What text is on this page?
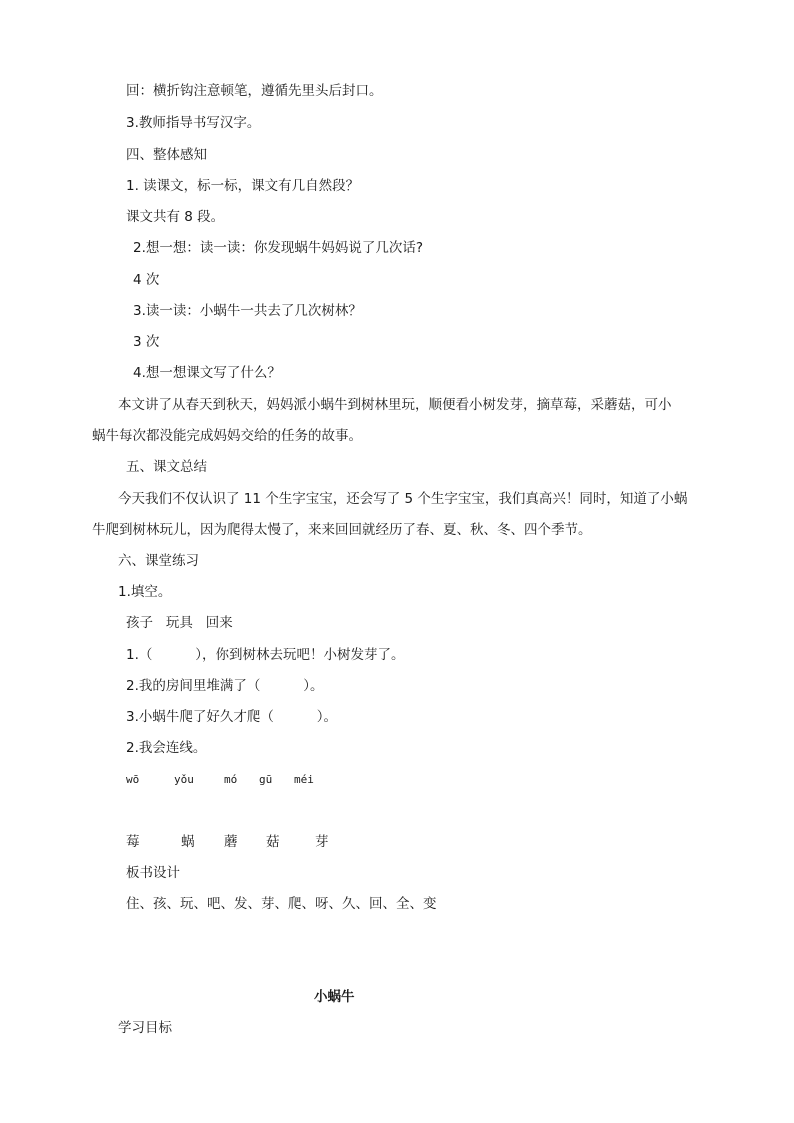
回：横折钩注意顿笔，遵循先里头后封口。
3.教师指导书写汉字。
四、整体感知
1. 读课文，标一标，课文有几自然段？
课文共有 8 段。
2.想一想：读一读：你发现蜗牛妈妈说了几次话?
4 次
3.读一读：小蜗牛一共去了几次树林？
3 次
4.想一想课文写了什么？
本文讲了从春天到秋天，妈妈派小蜗牛到树林里玩，顺便看小树发芽，摘草莓，采蘑菇，可小
蜗牛每次都没能完成妈妈交给的任务的故事。
五、课文总结
今天我们不仅认识了 11 个生字宝宝，还会写了 5 个生字宝宝，我们真高兴！同时，知道了小蜗
牛爬到树林玩儿，因为爬得太慢了，来来回回就经历了春、夏、秋、冬、四个季节。
六、课堂练习
1.填空。
孩子   玩具   回来
1.（          ），你到树林去玩吧！小树发芽了。
2.我的房间里堆满了（          ）。
3.小蜗牛爬了好久才爬（          ）。
2.我会连线。
wō	yǒu	mó gū méi
莓	蜗 蘑 菇	芽
板书设计
住、孩、玩、吧、发、芽、爬、呀、久、回、全、变
小蜗牛
学习目标
